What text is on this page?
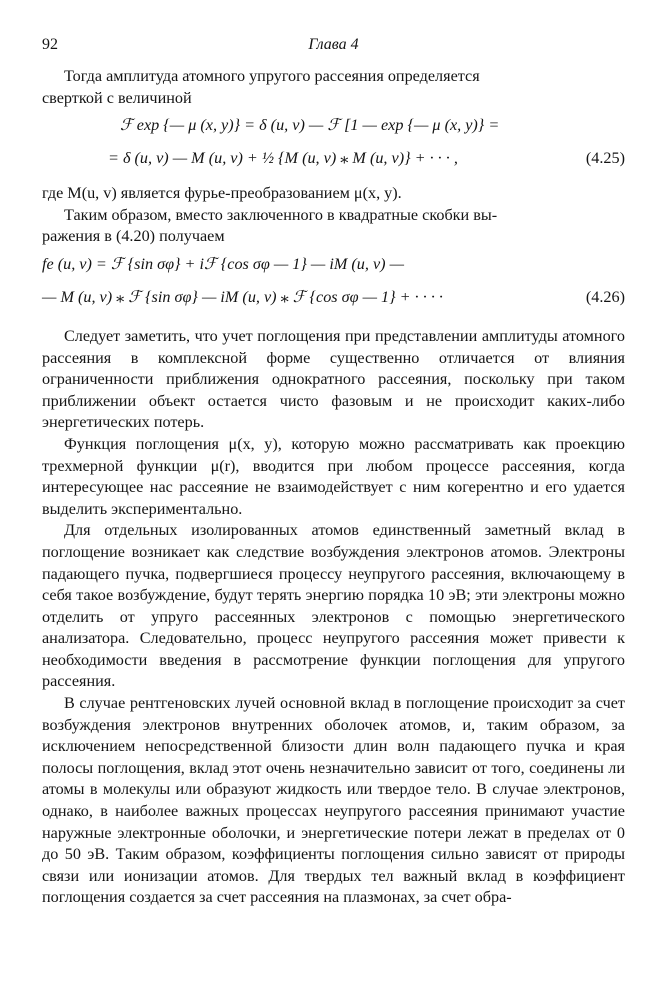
92	Глава 4

Тогда амплитуда атомного упругого рассеяния определяется

сверткой с величиной

ℱ exp {— μ (x, y)} = δ (u, v) — ℱ [1 — exp {— μ (x, y)} =
= δ (u, v) — M (u, v) + ½ {M (u, v) ⁎ M (u, v)} + · · · ,	(4.25)

где M(u, v) является фурье-преобразованием μ(x, y).

Таким образом, вместо заключенного в квадратные скобки вы-

ражения в (4.20) получаем

fe (u, v) = ℱ {sin σφ} + iℱ {cos σφ — 1} — iM (u, v) —
— M (u, v) ⁎ ℱ {sin σφ} — iM (u, v) ⁎ ℱ {cos σφ — 1} + · · · ·	(4.26)

Следует заметить, что учет поглощения при представлении амплитуды атомного рассеяния в комплексной форме существенно отличается от влияния ограниченности приближения однократного рассеяния, поскольку при таком приближении объект остается чисто фазовым и не происходит каких-либо энергетических потерь.

Функция поглощения μ(x, y), которую можно рассматривать как проекцию трехмерной функции μ(r), вводится при любом процессе рассеяния, когда интересующее нас рассеяние не взаимодействует с ним когерентно и его удается выделить экспериментально.

Для отдельных изолированных атомов единственный заметный вклад в поглощение возникает как следствие возбуждения электронов атомов. Электроны падающего пучка, подвергшиеся процессу неупругого рассеяния, включающему в себя такое возбуждение, будут терять энергию порядка 10 эВ; эти электроны можно отделить от упруго рассеянных электронов с помощью энергетического анализатора. Следовательно, процесс неупругого рассеяния может привести к необходимости введения в рассмотрение функции поглощения для упругого рассеяния.

В случае рентгеновских лучей основной вклад в поглощение происходит за счет возбуждения электронов внутренних оболочек атомов, и, таким образом, за исключением непосредственной близости длин волн падающего пучка и края полосы поглощения, вклад этот очень незначительно зависит от того, соединены ли атомы в молекулы или образуют жидкость или твердое тело. В случае электронов, однако, в наиболее важных процессах неупругого рассеяния принимают участие наружные электронные оболочки, и энергетические потери лежат в пределах от 0 до 50 эВ. Таким образом, коэффициенты поглощения сильно зависят от природы связи или ионизации атомов. Для твердых тел важный вклад в коэффициент поглощения создается за счет рассеяния на плазмонах, за счет обра-
